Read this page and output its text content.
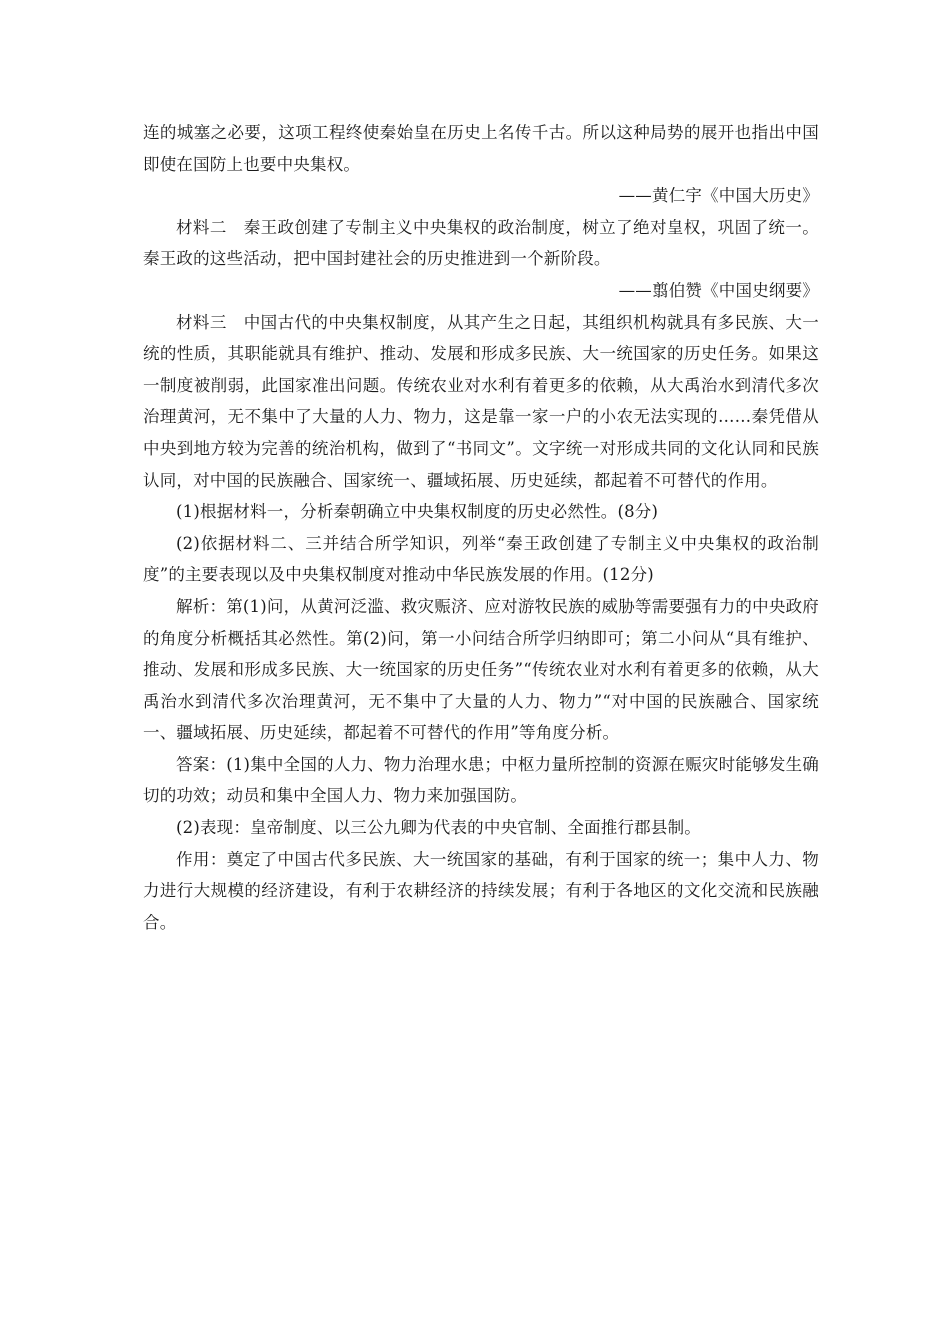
连的城塞之必要，这项工程终使秦始皇在历史上名传千古。所以这种局势的展开也指出中国即使在国防上也要中央集权。

——黄仁宇《中国大历史》

材料二　秦王政创建了专制主义中央集权的政治制度，树立了绝对皇权，巩固了统一。秦王政的这些活动，把中国封建社会的历史推进到一个新阶段。

——翦伯赞《中国史纲要》

材料三　中国古代的中央集权制度，从其产生之日起，其组织机构就具有多民族、大一统的性质，其职能就具有维护、推动、发展和形成多民族、大一统国家的历史任务。如果这一制度被削弱，此国家准出问题。传统农业对水利有着更多的依赖，从大禹治水到清代多次治理黄河，无不集中了大量的人力、物力，这是靠一家一户的小农无法实现的……秦凭借从中央到地方较为完善的统治机构，做到了“书同文”。文字统一对形成共同的文化认同和民族认同，对中国的民族融合、国家统一、疆域拓展、历史延续，都起着不可替代的作用。

(1)根据材料一，分析秦朝确立中央集权制度的历史必然性。(8分)

(2)依据材料二、三并结合所学知识，列举“秦王政创建了专制主义中央集权的政治制度”的主要表现以及中央集权制度对推动中华民族发展的作用。(12分)

解析：第(1)问，从黄河泛滥、救灾赈济、应对游牧民族的威胁等需要强有力的中央政府的角度分析概括其必然性。第(2)问，第一小问结合所学归纳即可；第二小问从“具有维护、推动、发展和形成多民族、大一统国家的历史任务”“传统农业对水利有着更多的依赖，从大禹治水到清代多次治理黄河，无不集中了大量的人力、物力”“对中国的民族融合、国家统一、疆域拓展、历史延续，都起着不可替代的作用”等角度分析。

答案：(1)集中全国的人力、物力治理水患；中枢力量所控制的资源在赈灾时能够发生确切的功效；动员和集中全国人力、物力来加强国防。

(2)表现：皇帝制度、以三公九卿为代表的中央官制、全面推行郡县制。

作用：奠定了中国古代多民族、大一统国家的基础，有利于国家的统一；集中人力、物力进行大规模的经济建设，有利于农耕经济的持续发展；有利于各地区的文化交流和民族融合。
